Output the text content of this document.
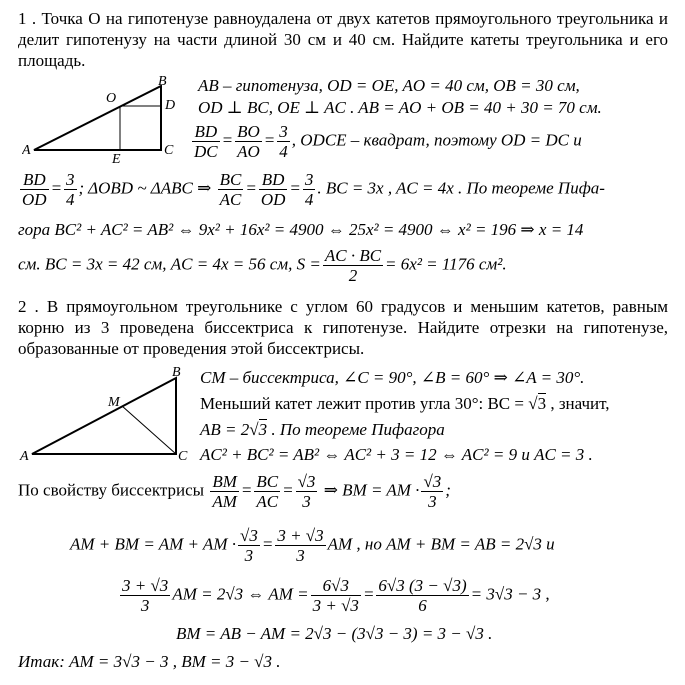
1 . Точка О на гипотенузе равноудалена от двух катетов прямоугольного треугольника и делит гипотенузу на части длиной 30 см и 40 см. Найдите катеты треугольника и его площадь.
A
B
C
D
E
O
AB – гипотенуза, OD = OE, AO = 40 см, OB = 30 см,
OD ⊥ BC, OE ⊥ AC . AB = AO + OB = 40 + 30 = 70 см.
$\frac{BD}{DC} = \frac{BO}{AO} = \frac{3}{4}$ , ODCE – квадрат, поэтому OD = DC и
$\frac{BD}{OD} = \frac{3}{4}$ ; ΔOBD ~ ΔABC ⇒ $\frac{BC}{AC} = \frac{BD}{OD} = \frac{3}{4}$ . BC = 3x , AC = 4x . По теореме Пифа-
гора BC² + AC² = AB² ⇔ 9x² + 16x² = 4900 ⇔ 25x² = 4900 ⇔ x² = 196 ⇒ x = 14
см. BC = 3x = 42 см, AC = 4x = 56 см, $S = \frac{AC \cdot BC}{2} = 6x^2 = 1176$ см².
2 . В прямоугольном треугольнике с углом 60 градусов и меньшим катетов, равным корню из 3 проведена биссектриса к гипотенузе. Найдите отрезки на гипотенузе, образованные от проведения этой биссектрисы.
A
B
C
M
CM – биссектриса, ∠C = 90°, ∠B = 60° ⇒ ∠A = 30°.
Меньший катет лежит против угла 30°: BC = √3 , значит,
AB = 2√3 . По теореме Пифагора
AC² + BC² = AB² ⇔ AC² + 3 = 12 ⇔ AC² = 9 и AC = 3 .
По свойству биссектрисы $\frac{BM}{AM} = \frac{BC}{AC} = \frac{√3}{3}$ ⇒ BM = AM · $\frac{√3}{3}$ ;
AM + BM = AM + AM · $\frac{√3}{3} = \frac{3 + √3}{3}$ AM , но AM + BM = AB = 2√3 и
$\frac{3 + √3}{3}$ AM = 2√3 ⇔ AM = $\frac{6√3}{3 + √3} = \frac{6√3 (3 - √3)}{6} = 3√3 - 3$ ,
BM = AB − AM = 2√3 − (3√3 − 3) = 3 − √3 .
Итак: AM = 3√3 − 3 , BM = 3 − √3 .
